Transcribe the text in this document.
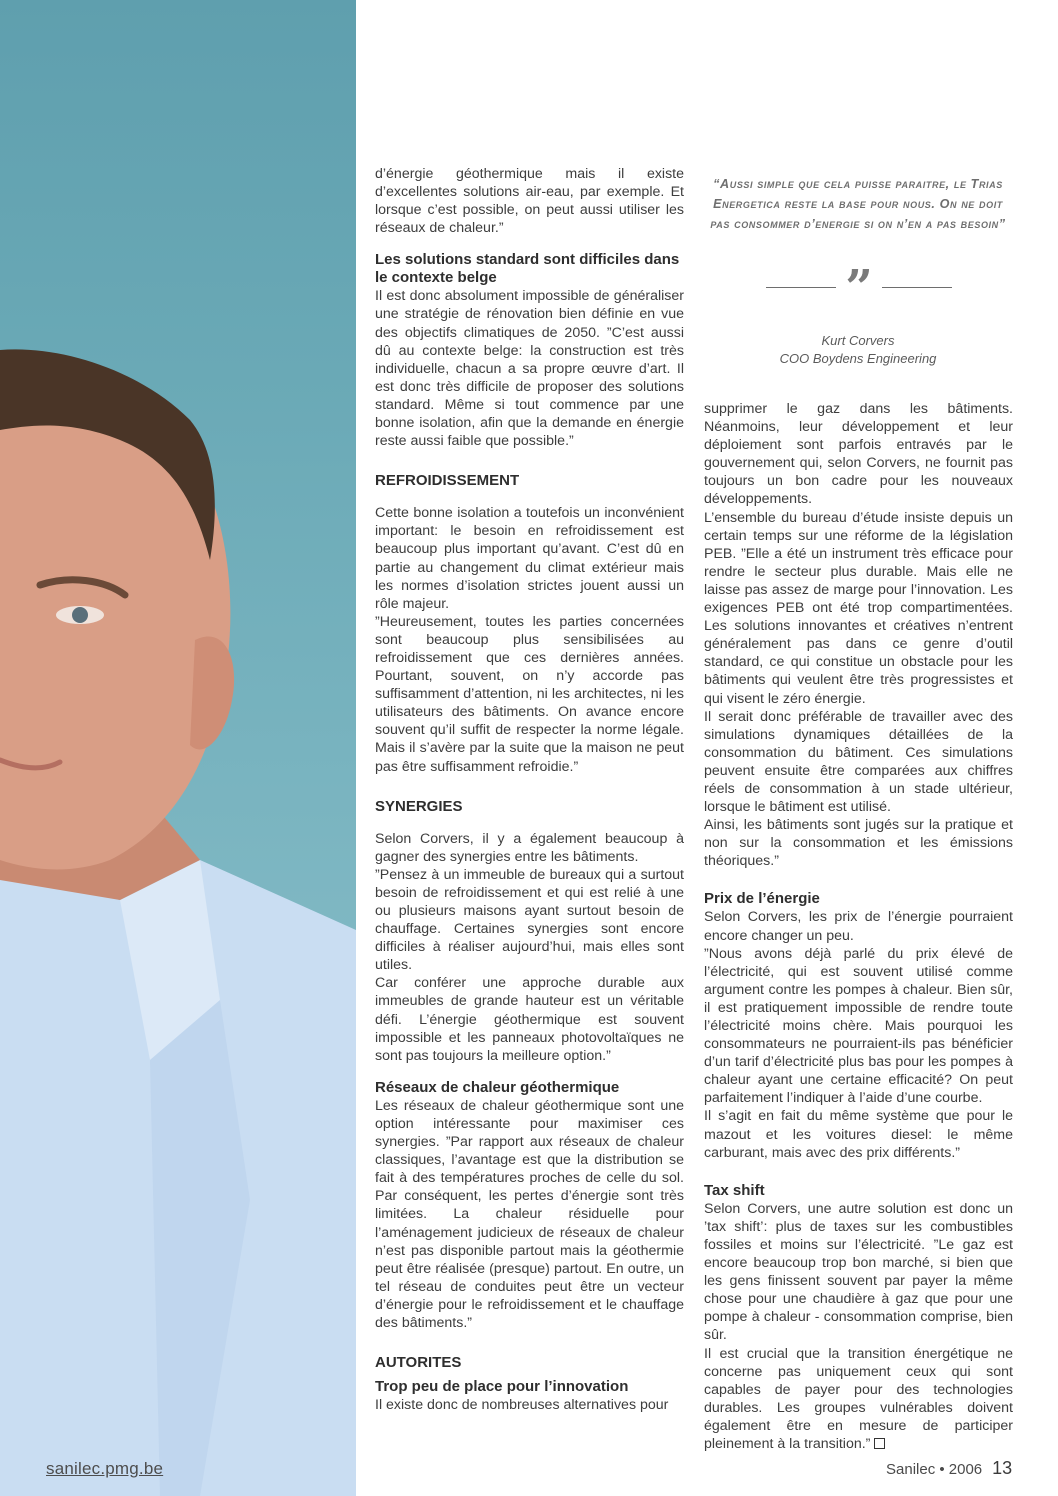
sanilec.pmg.be

d’énergie géothermique mais il existe d’excellentes solutions air-eau, par exemple. Et lorsque c’est possible, on peut aussi utiliser les réseaux de chaleur.”

Les solutions standard sont difficiles dans le contexte belge

Il est donc absolument impossible de généraliser une stratégie de rénovation bien définie en vue des objectifs climatiques de 2050. ”C’est aussi dû au contexte belge: la construction est très individuelle, chacun a sa propre œuvre d’art. Il est donc très difficile de proposer des solutions standard. Même si tout commence par une bonne isolation, afin que la demande en énergie reste aussi faible que possible.”

REFROIDISSEMENT

Cette bonne isolation a toutefois un inconvénient important: le besoin en refroidissement est beaucoup plus important qu’avant. C’est dû en partie au changement du climat extérieur mais les normes d’isolation strictes jouent aussi un rôle majeur.

”Heureusement, toutes les parties concernées sont beaucoup plus sensibilisées au refroidissement que ces dernières années. Pourtant, souvent, on n’y accorde pas suffisamment d’attention, ni les architectes, ni les utilisateurs des bâtiments. On avance encore souvent qu’il suffit de respecter la norme légale. Mais il s’avère par la suite que la maison ne peut pas être suffisamment refroidie.”

SYNERGIES

Selon Corvers, il y a également beaucoup à gagner des synergies entre les bâtiments.

”Pensez à un immeuble de bureaux qui a surtout besoin de refroidissement et qui est relié à une ou plusieurs maisons ayant surtout besoin de chauffage. Certaines synergies sont encore difficiles à réaliser aujourd’hui, mais elles sont utiles.

Car conférer une approche durable aux immeubles de grande hauteur est un véritable défi. L’énergie géothermique est souvent impossible et les panneaux photovoltaïques ne sont pas toujours la meilleure option.”

Réseaux de chaleur géothermique

Les réseaux de chaleur géothermique sont une option intéressante pour maximiser ces synergies. ”Par rapport aux réseaux de chaleur classiques, l’avantage est que la distribution se fait à des températures proches de celle du sol. Par conséquent, les pertes d’énergie sont très limitées. La chaleur résiduelle pour l’aménagement judicieux de réseaux de chaleur n’est pas disponible partout mais la géothermie peut être réalisée (presque) partout. En outre, un tel réseau de conduites peut être un vecteur d’énergie pour le refroidissement et le chauffage des bâtiments.”

AUTORITES

Trop peu de place pour l’innovation

Il existe donc de nombreuses alternatives pour

“Aussi simple que cela puisse paraitre, le Trias Energetica reste la base pour nous. On ne doit pas consommer d’energie si on n’en a pas besoin”
”
Kurt Corvers
COO Boydens Engineering

supprimer le gaz dans les bâtiments. Néanmoins, leur développement et leur déploiement sont parfois entravés par le gouvernement qui, selon Corvers, ne fournit pas toujours un bon cadre pour les nouveaux développements.

L’ensemble du bureau d’étude insiste depuis un certain temps sur une réforme de la législation PEB. ”Elle a été un instrument très efficace pour rendre le secteur plus durable. Mais elle ne laisse pas assez de marge pour l’innovation. Les exigences PEB ont été trop compartimentées. Les solutions innovantes et créatives n’entrent généralement pas dans ce genre d’outil standard, ce qui constitue un obstacle pour les bâtiments qui veulent être très progressistes et qui visent le zéro énergie.

Il serait donc préférable de travailler avec des simulations dynamiques détaillées de la consommation du bâtiment. Ces simulations peuvent ensuite être comparées aux chiffres réels de consommation à un stade ultérieur, lorsque le bâtiment est utilisé.

Ainsi, les bâtiments sont jugés sur la pratique et non sur la consommation et les émissions théoriques.”

Prix de l’énergie

Selon Corvers, les prix de l’énergie pourraient encore changer un peu.

”Nous avons déjà parlé du prix élevé de l’électricité, qui est souvent utilisé comme argument contre les pompes à chaleur. Bien sûr, il est pratiquement impossible de rendre toute l’électricité moins chère. Mais pourquoi les consommateurs ne pourraient-ils pas bénéficier d’un tarif d’électricité plus bas pour les pompes à chaleur ayant une certaine efficacité? On peut parfaitement l’indiquer à l’aide d’une courbe.

Il s’agit en fait du même système que pour le mazout et les voitures diesel: le même carburant, mais avec des prix différents.”

Tax shift

Selon Corvers, une autre solution est donc un ’tax shift’: plus de taxes sur les combustibles fossiles et moins sur l’électricité. ”Le gaz est encore beaucoup trop bon marché, si bien que les gens finissent souvent par payer la même chose pour une chaudière à gaz que pour une pompe à chaleur - consommation comprise, bien sûr.

Il est crucial que la transition énergétique ne concerne pas uniquement ceux qui sont capables de payer pour des technologies durables. Les groupes vulnérables doivent également être en mesure de participer pleinement à la transition.”

Sanilec • 2006 13
